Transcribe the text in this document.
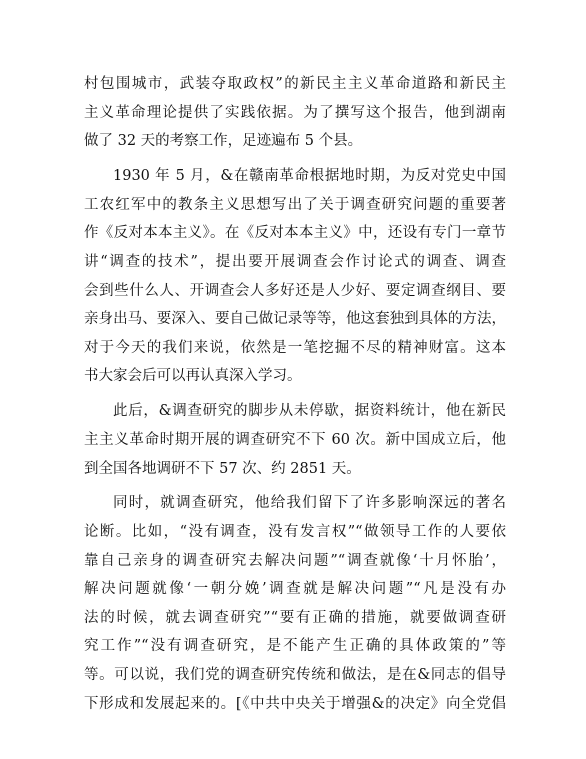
村包围城市，武装夺取政权”的新民主主义革命道路和新民主
主义革命理论提供了实践依据。为了撰写这个报告，他到湖南
做了 32 天的考察工作，足迹遍布 5 个县。
1930 年 5 月，&在赣南革命根据地时期，为反对党史中国
工农红军中的教条主义思想写出了关于调查研究问题的重要著
作《反对本本主义》。在《反对本本主义》中，还设有专门一章节
讲“调查的技术”，提出要开展调查会作讨论式的调查、调查
会到些什么人、开调查会人多好还是人少好、要定调查纲目、要
亲身出马、要深入、要自己做记录等等，他这套独到具体的方法，
对于今天的我们来说，依然是一笔挖掘不尽的精神财富。这本
书大家会后可以再认真深入学习。
此后，&调查研究的脚步从未停歇，据资料统计，他在新民
主主义革命时期开展的调查研究不下 60 次。新中国成立后，他
到全国各地调研不下 57 次、约 2851 天。
同时，就调查研究，他给我们留下了许多影响深远的著名
论断。比如，“没有调查，没有发言权”“做领导工作的人要依
靠自己亲身的调查研究去解决问题”“调查就像‘十月怀胎’，
解决问题就像‘一朝分娩’调查就是解决问题”“凡是没有办
法的时候，就去调查研究”“要有正确的措施，就要做调查研
究工作”“没有调查研究，是不能产生正确的具体政策的”等
等。可以说，我们党的调查研究传统和做法，是在&同志的倡导
下形成和发展起来的。[《中共中央关于增强&的决定》向全党倡
